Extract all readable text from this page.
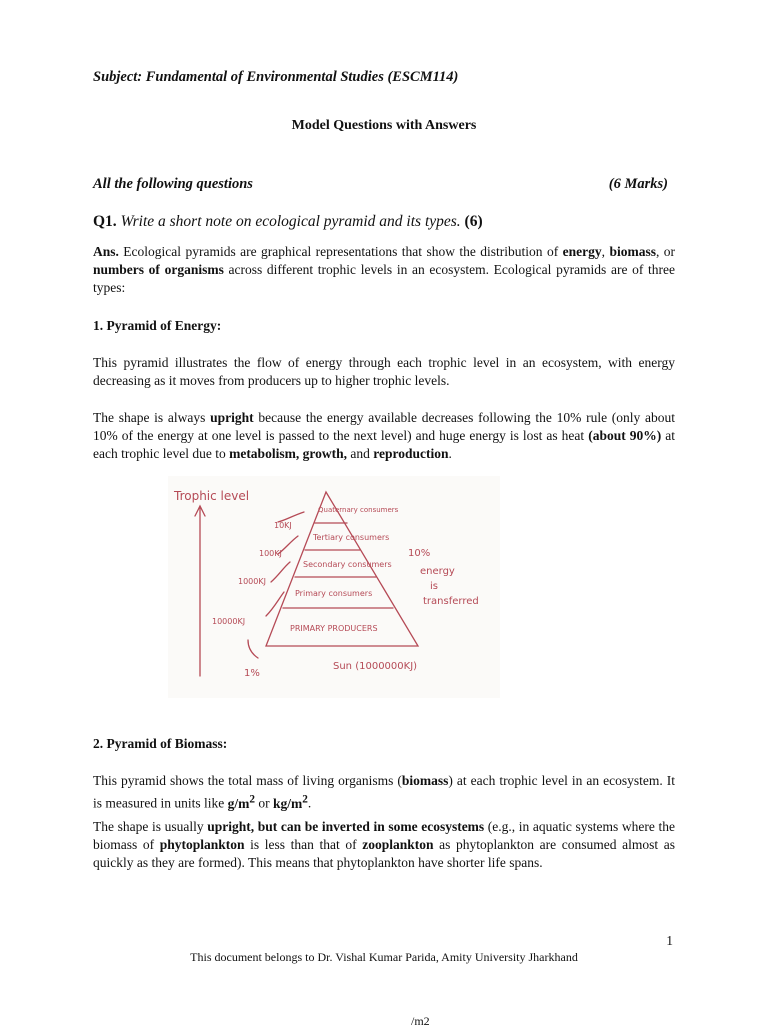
Subject: Fundamental of Environmental Studies (ESCM114)
Model Questions with Answers
All the following questions	(6 Marks)
Q1. Write a short note on ecological pyramid and its types. (6)

Ans. Ecological pyramids are graphical representations that show the distribution of energy, biomass, or numbers of organisms across different trophic levels in an ecosystem. Ecological pyramids are of three types:

1. Pyramid of Energy:

This pyramid illustrates the flow of energy through each trophic level in an ecosystem, with energy decreasing as it moves from producers up to higher trophic levels.

The shape is always upright because the energy available decreases following the 10% rule (only about 10% of the energy at one level is passed to the next level) and huge energy is lost as heat (about 90%) at each trophic level due to metabolism, growth, and reproduction.

Trophic level
Quaternary consumers
Tertiary consumers
Secondary consumers
Primary consumers
PRIMARY PRODUCERS
10KJ
100KJ
1000KJ
10000KJ
10%
energy
is
transferred
1%
Sun (1000000KJ)
2. Pyramid of Biomass:

This pyramid shows the total mass of living organisms (biomass) at each trophic level in an ecosystem. It is measured in units like $g/m^2$ or $kg/m^2$.

The shape is usually upright, but can be inverted in some ecosystems (e.g., in aquatic systems where the biomass of phytoplankton is less than that of zooplankton as phytoplankton are consumed almost as quickly as they are formed). This means that phytoplankton have shorter life spans.

1
This document belongs to Dr. Vishal Kumar Parida, Amity University Jharkhand
/m2
